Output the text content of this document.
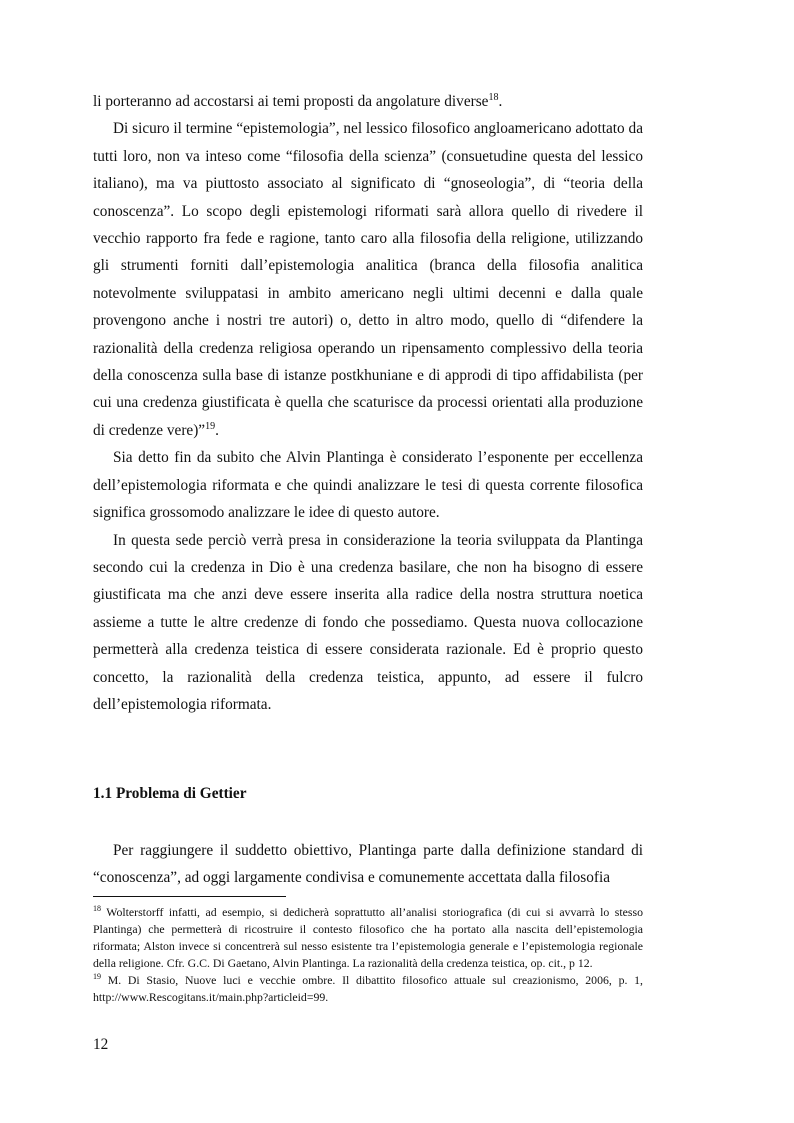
li porteranno ad accostarsi ai temi proposti da angolature diverse$^{18}$.

Di sicuro il termine “epistemologia”, nel lessico filosofico angloamericano adottato da tutti loro, non va inteso come “filosofia della scienza” (consuetudine questa del lessico italiano), ma va piuttosto associato al significato di “gnoseologia”, di “teoria della conoscenza”. Lo scopo degli epistemologi riformati sarà allora quello di rivedere il vecchio rapporto fra fede e ragione, tanto caro alla filosofia della religione, utilizzando gli strumenti forniti dall’epistemologia analitica (branca della filosofia analitica notevolmente sviluppatasi in ambito americano negli ultimi decenni e dalla quale provengono anche i nostri tre autori) o, detto in altro modo, quello di “difendere la razionalità della credenza religiosa operando un ripensamento complessivo della teoria della conoscenza sulla base di istanze postkhuniane e di approdi di tipo affidabilista (per cui una credenza giustificata è quella che scaturisce da processi orientati alla produzione di credenze vere)”$^{19}$.

Sia detto fin da subito che Alvin Plantinga è considerato l’esponente per eccellenza dell’epistemologia riformata e che quindi analizzare le tesi di questa corrente filosofica significa grossomodo analizzare le idee di questo autore.

In questa sede perciò verrà presa in considerazione la teoria sviluppata da Plantinga secondo cui la credenza in Dio è una credenza basilare, che non ha bisogno di essere giustificata ma che anzi deve essere inserita alla radice della nostra struttura noetica assieme a tutte le altre credenze di fondo che possediamo. Questa nuova collocazione permetterà alla credenza teistica di essere considerata razionale. Ed è proprio questo concetto, la razionalità della credenza teistica, appunto, ad essere il fulcro dell’epistemologia riformata.

1.1 Problema di Gettier

Per raggiungere il suddetto obiettivo, Plantinga parte dalla definizione standard di “conoscenza”, ad oggi largamente condivisa e comunemente accettata dalla filosofia

$^{18}$ Wolterstorff infatti, ad esempio, si dedicherà soprattutto all’analisi storiografica (di cui si avvarrà lo stesso Plantinga) che permetterà di ricostruire il contesto filosofico che ha portato alla nascita dell’epistemologia riformata; Alston invece si concentrerà sul nesso esistente tra l’epistemologia generale e l’epistemologia regionale della religione. Cfr. G.C. Di Gaetano, Alvin Plantinga. La razionalità della credenza teistica, op. cit., p 12.

$^{19}$ M. Di Stasio, Nuove luci e vecchie ombre. Il dibattito filosofico attuale sul creazionismo, 2006, p. 1, http://www.Rescogitans.it/main.php?articleid=99.

12
